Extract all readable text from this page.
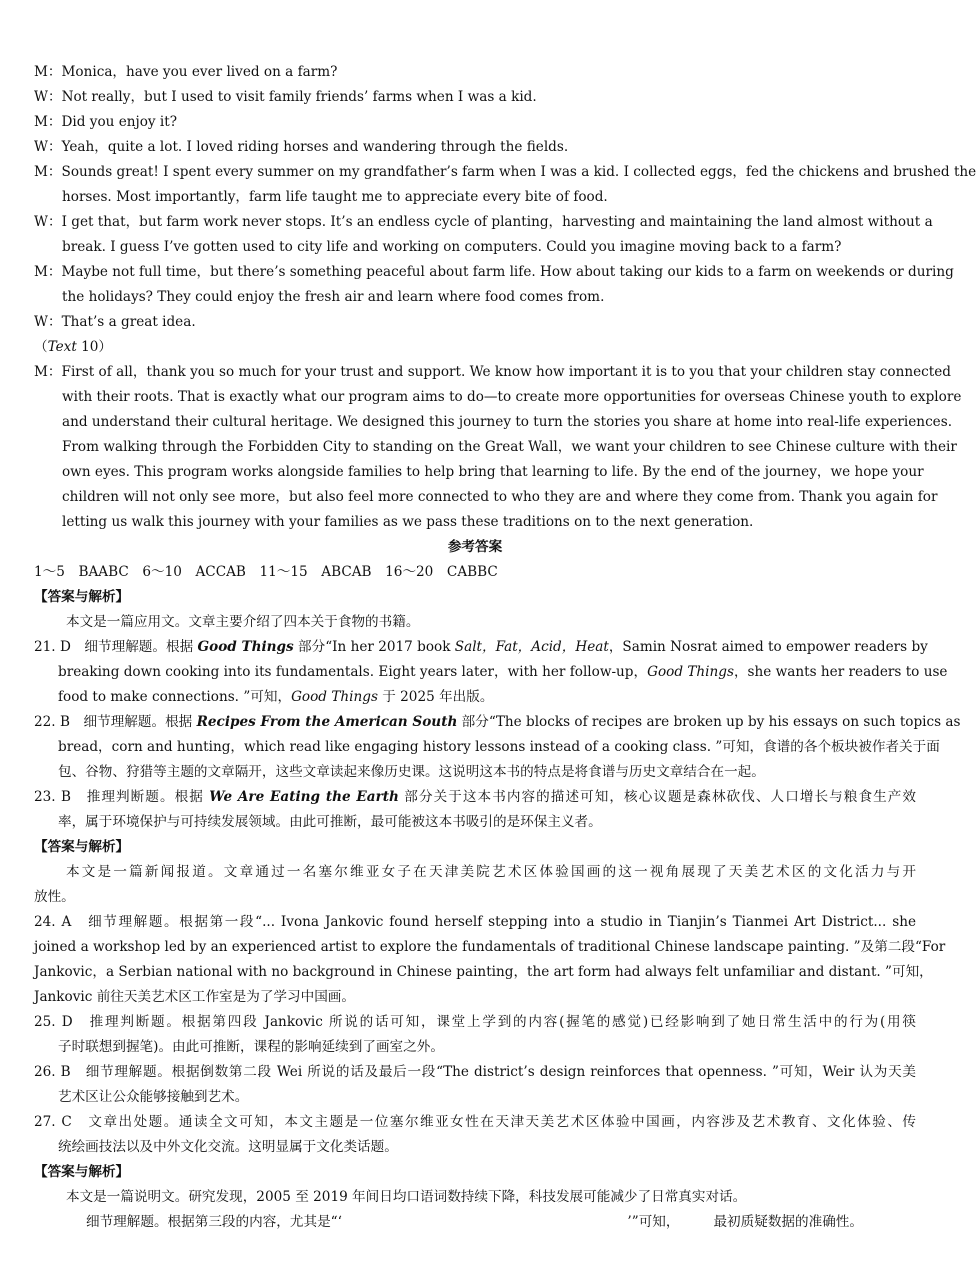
M：Monica，have you ever lived on a farm?
W：Not really，but I used to visit family friends’ farms when I was a kid.
M：Did you enjoy it?
W：Yeah，quite a lot. I loved riding horses and wandering through the fields.
M：Sounds great! I spent every summer on my grandfather’s farm when I was a kid. I collected eggs，fed the chickens and brushed the
horses. Most importantly，farm life taught me to appreciate every bite of food.
W：I get that，but farm work never stops. It’s an endless cycle of planting，harvesting and maintaining the land almost without a
break. I guess I’ve gotten used to city life and working on computers. Could you imagine moving back to a farm?
M：Maybe not full time，but there’s something peaceful about farm life. How about taking our kids to a farm on weekends or during
the holidays? They could enjoy the fresh air and learn where food comes from.
W：That’s a great idea.
（Text 10）
M：First of all，thank you so much for your trust and support. We know how important it is to you that your children stay connected
with their roots. That is exactly what our program aims to do—to create more opportunities for overseas Chinese youth to explore
and understand their cultural heritage. We designed this journey to turn the stories you share at home into real-life experiences.
From walking through the Forbidden City to standing on the Great Wall，we want your children to see Chinese culture with their
own eyes. This program works alongside families to help bring that learning to life. By the end of the journey，we hope your
children will not only see more，but also feel more connected to who they are and where they come from. Thank you again for
letting us walk this journey with your families as we pass these traditions on to the next generation.
参考答案
1～5　BAABC　6～10　ACCAB　11～15　ABCAB　16～20　CABBC
【答案与解析】
本文是一篇应用文。文章主要介绍了四本关于食物的书籍。
21. D　细节理解题。根据 Good Things 部分“In her 2017 book Salt，Fat，Acid，Heat，Samin Nosrat aimed to empower readers by
breaking down cooking into its fundamentals. Eight years later，with her follow-up，Good Things，she wants her readers to use
food to make connections. ”可知，Good Things 于 2025 年出版。
22. B　细节理解题。根据 Recipes From the American South 部分“The blocks of recipes are broken up by his essays on such topics as
bread，corn and hunting，which read like engaging history lessons instead of a cooking class. ”可知，食谱的各个板块被作者关于面
包、谷物、狩猎等主题的文章隔开，这些文章读起来像历史课。这说明这本书的特点是将食谱与历史文章结合在一起。
23. B　推理判断题。根据 We Are Eating the Earth 部分关于这本书内容的描述可知，核心议题是森林砍伐、人口增长与粮食生产效
率，属于环境保护与可持续发展领域。由此可推断，最可能被这本书吸引的是环保主义者。
【答案与解析】
本文是一篇新闻报道。文章通过一名塞尔维亚女子在天津美院艺术区体验国画的这一视角展现了天美艺术区的文化活力与开
放性。
24. A　细节理解题。根据第一段“... Ivona Jankovic found herself stepping into a studio in Tianjin’s Tianmei Art District... she
joined a workshop led by an experienced artist to explore the fundamentals of traditional Chinese landscape painting. ”及第二段“For
Jankovic，a Serbian national with no background in Chinese painting，the art form had always felt unfamiliar and distant. ”可知，
Jankovic 前往天美艺术区工作室是为了学习中国画。
25. D　推理判断题。根据第四段 Jankovic 所说的话可知，课堂上学到的内容(握笔的感觉)已经影响到了她日常生活中的行为(用筷
子时联想到握笔)。由此可推断，课程的影响延续到了画室之外。
26. B　细节理解题。根据倒数第二段 Wei 所说的话及最后一段“The district’s design reinforces that openness. ”可知，Weir 认为天美
艺术区让公众能够接触到艺术。
27. C　文章出处题。通读全文可知，本文主题是一位塞尔维亚女性在天津天美艺术区体验中国画，内容涉及艺术教育、文化体验、传
统绘画技法以及中外文化交流。这明显属于文化类话题。
【答案与解析】
本文是一篇说明文。研究发现，2005 至 2019 年间日均口语词数持续下降，科技发展可能减少了日常真实对话。
细节理解题。根据第三段的内容，尤其是“‘　　　　　　　　　　　　　　　　　　　　　’”可知，　　　最初质疑数据的准确性。
